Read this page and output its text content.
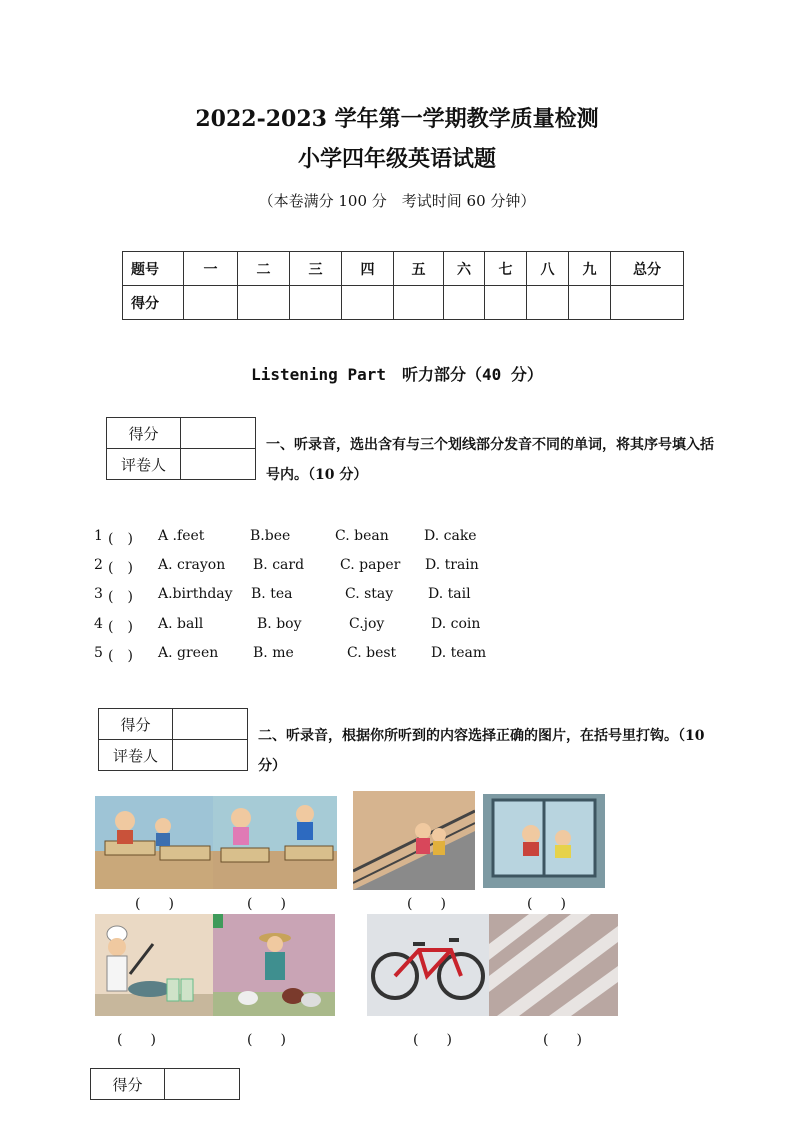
2022-2023 学年第一学期教学质量检测
小学四年级英语试题
（本卷满分 100 分　考试时间 60 分钟）
题号	一	二	三	四	五	六	七	八	九	总分
得分										
Listening Part　听力部分（40 分）
得分	
评卷人	
一、听录音，选出含有与三个划线部分发音不同的单词，将其序号填入括号内。（10 分）
1 (　) A .feet	B.bee	C. bean	D. cake
2 (　) A. crayon B. card	C. paper D. train
3 (　) A.birthday B. tea	C. stay D. tail
4 (　) A. ball	B. boy	C.joy	D. coin
5 (　) A. green B. me	C. best D. team
得分	
评卷人	
二、听录音，根据你所听到的内容选择正确的图片，在括号里打钩。（10 分）
(　　)	(　　)	(　　)	(　　)
(　　)	(　　)	(　　)	(　　)
得分	
